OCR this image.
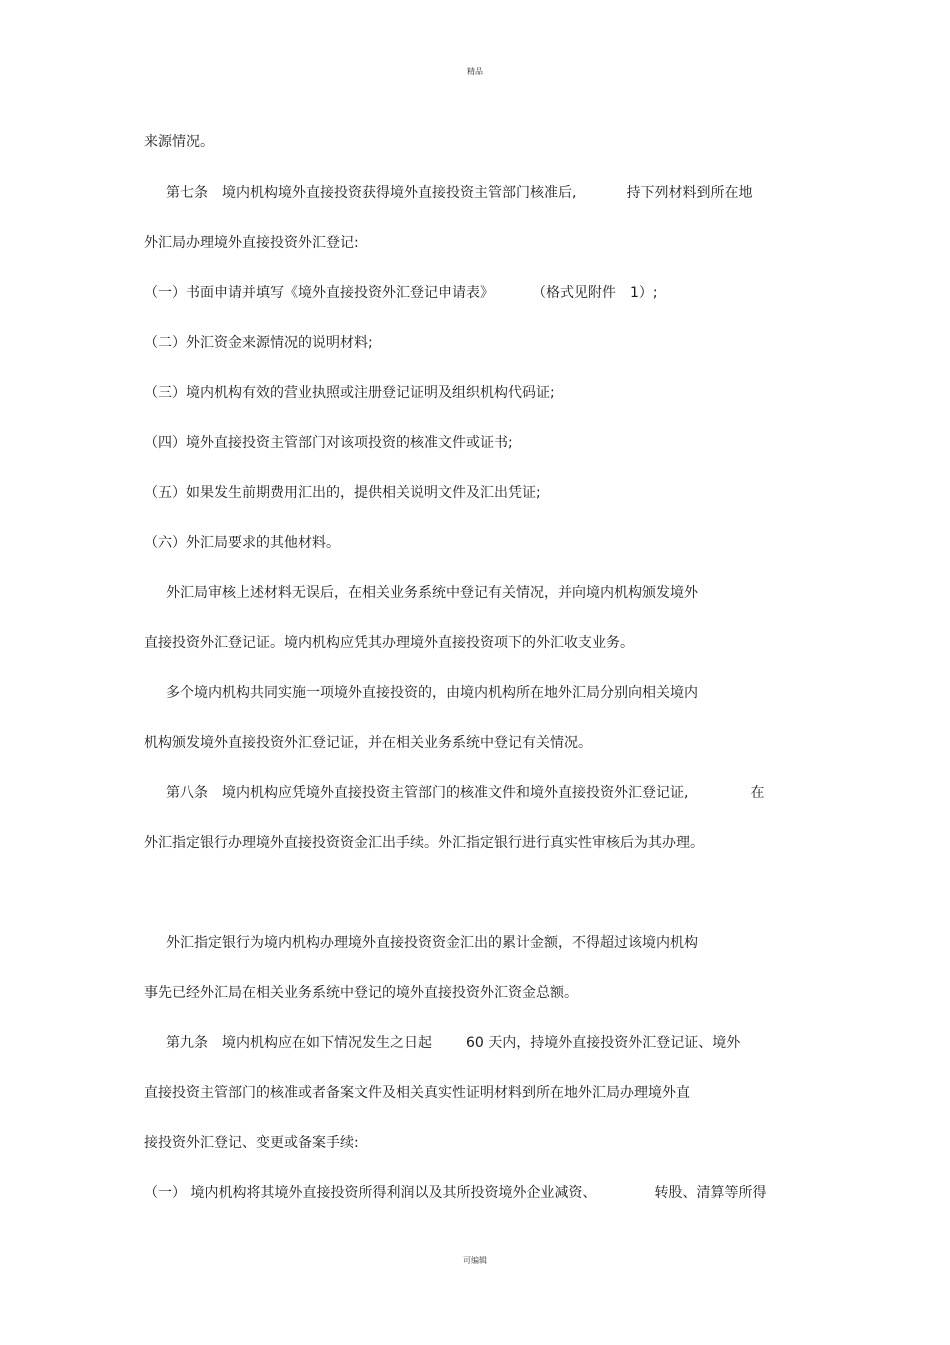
精品
来源情况。
第七条　境内机构境外直接投资获得境外直接投资主管部门核准后,	持下列材料到所在地
外汇局办理境外直接投资外汇登记:
（一）书面申请并填写《境外直接投资外汇登记申请表》	（格式见附件　1）;
（二）外汇资金来源情况的说明材料;
（三）境内机构有效的营业执照或注册登记证明及组织机构代码证;
（四）境外直接投资主管部门对该项投资的核准文件或证书;
（五）如果发生前期费用汇出的，提供相关说明文件及汇出凭证;
（六）外汇局要求的其他材料。
外汇局审核上述材料无误后，在相关业务系统中登记有关情况，并向境内机构颁发境外
直接投资外汇登记证。境内机构应凭其办理境外直接投资项下的外汇收支业务。
多个境内机构共同实施一项境外直接投资的，由境内机构所在地外汇局分别向相关境内
机构颁发境外直接投资外汇登记证，并在相关业务系统中登记有关情况。
第八条　境内机构应凭境外直接投资主管部门的核准文件和境外直接投资外汇登记证,	在
外汇指定银行办理境外直接投资资金汇出手续。外汇指定银行进行真实性审核后为其办理。
外汇指定银行为境内机构办理境外直接投资资金汇出的累计金额，不得超过该境内机构
事先已经外汇局在相关业务系统中登记的境外直接投资外汇资金总额。
第九条　境内机构应在如下情况发生之日起 60 天内，持境外直接投资外汇登记证、境外
直接投资主管部门的核准或者备案文件及相关真实性证明材料到所在地外汇局办理境外直
接投资外汇登记、变更或备案手续:
（一） 境内机构将其境外直接投资所得利润以及其所投资境外企业减资、	转股、清算等所得
可编辑
